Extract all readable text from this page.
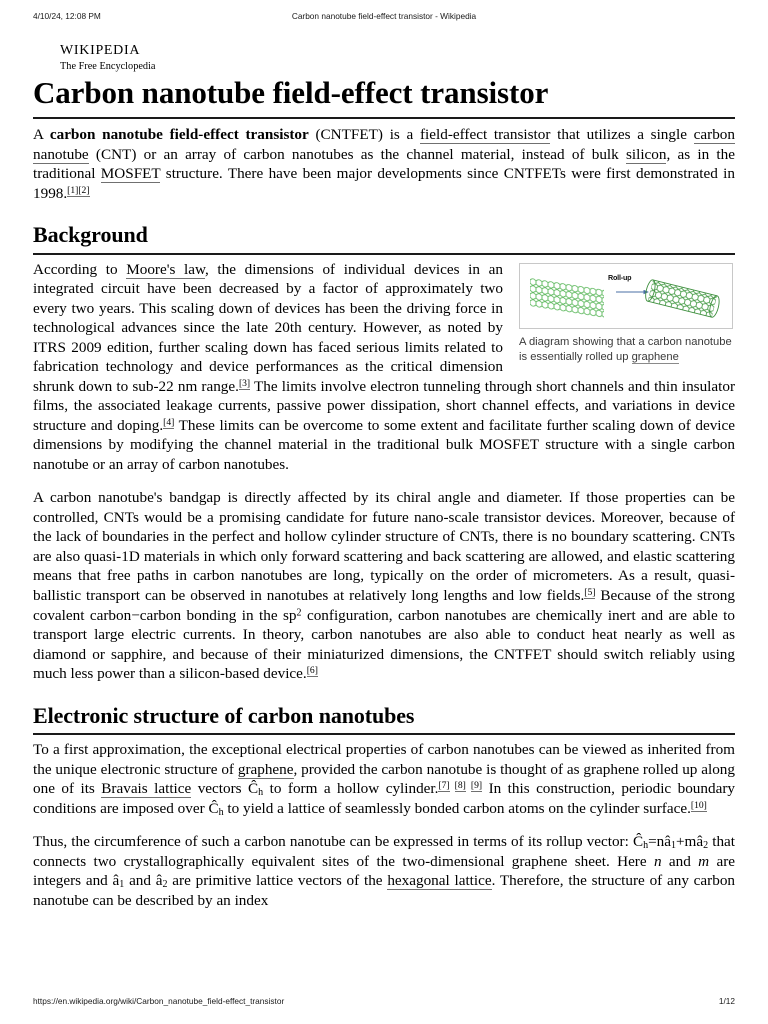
4/10/24, 12:08 PM	Carbon nanotube field-effect transistor - Wikipedia
wikipedia
The Free Encyclopedia
Carbon nanotube field-effect transistor

A carbon nanotube field-effect transistor (CNTFET) is a field-effect transistor that utilizes a single carbon nanotube (CNT) or an array of carbon nanotubes as the channel material, instead of bulk silicon, as in the traditional MOSFET structure. There have been major developments since CNTFETs were first demonstrated in 1998.[1][2]

Background
Roll-up
A diagram showing that a carbon nanotube is essentially rolled up graphene

According to Moore's law, the dimensions of individual devices in an integrated circuit have been decreased by a factor of approximately two every two years. This scaling down of devices has been the driving force in technological advances since the late 20th century. However, as noted by ITRS 2009 edition, further scaling down has faced serious limits related to fabrication technology and device performances as the critical dimension shrunk down to sub-22 nm range.[3] The limits involve electron tunneling through short channels and thin insulator films, the associated leakage currents, passive power dissipation, short channel effects, and variations in device structure and doping.[4] These limits can be overcome to some extent and facilitate further scaling down of device dimensions by modifying the channel material in the traditional bulk MOSFET structure with a single carbon nanotube or an array of carbon nanotubes.

A carbon nanotube's bandgap is directly affected by its chiral angle and diameter. If those properties can be controlled, CNTs would be a promising candidate for future nano-scale transistor devices. Moreover, because of the lack of boundaries in the perfect and hollow cylinder structure of CNTs, there is no boundary scattering. CNTs are also quasi-1D materials in which only forward scattering and back scattering are allowed, and elastic scattering means that free paths in carbon nanotubes are long, typically on the order of micrometers. As a result, quasi-ballistic transport can be observed in nanotubes at relatively long lengths and low fields.[5] Because of the strong covalent carbon−carbon bonding in the $sp^2$ configuration, carbon nanotubes are chemically inert and are able to transport large electric currents. In theory, carbon nanotubes are also able to conduct heat nearly as well as diamond or sapphire, and because of their miniaturized dimensions, the CNTFET should switch reliably using much less power than a silicon-based device.[6]

Electronic structure of carbon nanotubes

To a first approximation, the exceptional electrical properties of carbon nanotubes can be viewed as inherited from the unique electronic structure of graphene, provided the carbon nanotube is thought of as graphene rolled up along one of its Bravais lattice vectors $Ĉ_h$ to form a hollow cylinder.[7] [8] [9] In this construction, periodic boundary conditions are imposed over $Ĉ_h$ to yield a lattice of seamlessly bonded carbon atoms on the cylinder surface.[10]

Thus, the circumference of such a carbon nanotube can be expressed in terms of its rollup vector: $Ĉ_h=nâ_1+mâ_2$ that connects two crystallographically equivalent sites of the two-dimensional graphene sheet. Here n and m are integers and $â_1$ and $â_2$ are primitive lattice vectors of the hexagonal lattice. Therefore, the structure of any carbon nanotube can be described by an index

https://en.wikipedia.org/wiki/Carbon_nanotube_field-effect_transistor	1/12
